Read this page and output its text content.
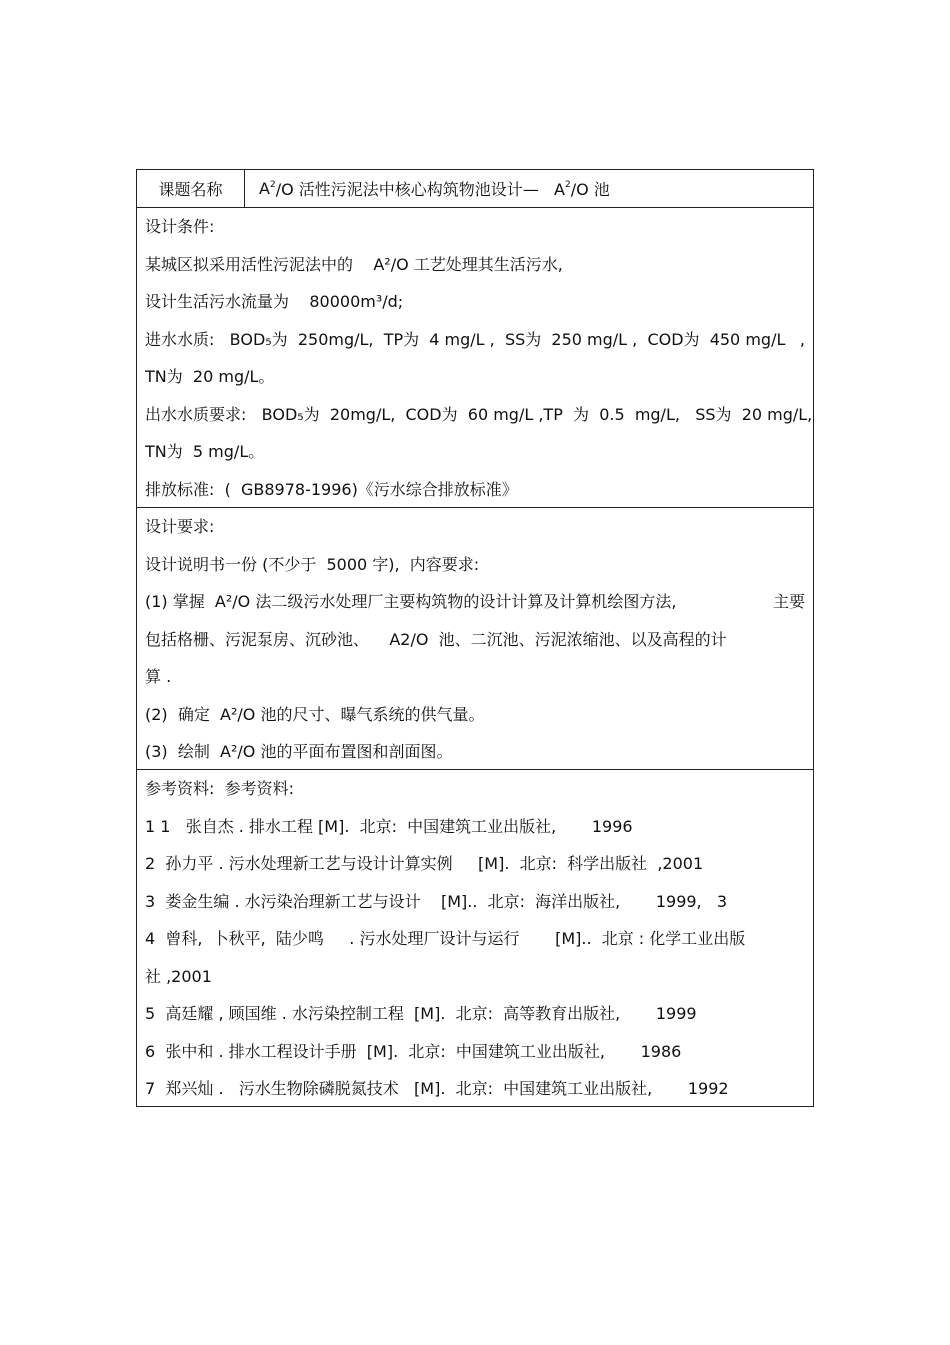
课题名称	$A^2$ /O 活性污泥法中核心构筑物池设计—   $A^2$ /O 池
设计条件:
某城区拟采用活性污泥法中的    A²/O 工艺处理其生活污水,
设计生活污水流量为    80000m³/d;
进水水质:   BOD₅为  250mg/L,  TP为  4 mg/L ,  SS为  250 mg/L ,  COD为  450 mg/L ,
TN为  20 mg/L。
出水水质要求:   BOD₅为  20mg/L,  COD为  60 mg/L ,TP  为  0.5  mg/L,   SS为  20 mg/L,
TN为  5 mg/L。
排放标准:  (  GB8978-1996)《污水综合排放标准》
设计要求:
设计说明书一份 (不少于  5000 字),  内容要求:
(1) 掌握  A²/O 法二级污水处理厂主要构筑物的设计计算及计算机绘图方法,	主要
包括格栅、污泥泵房、沉砂池、    A2/O  池、二沉池、污泥浓缩池、以及高程的计
算 .
(2)  确定  A²/O 池的尺寸、曝气系统的供气量。
(3)  绘制  A²/O 池的平面布置图和剖面图。
参考资料:  参考资料:
1 1   张自杰 . 排水工程 [M].  北京:  中国建筑工业出版社,       1996
2  孙力平 . 污水处理新工艺与设计计算实例     [M].  北京:  科学出版社  ,2001
3  娄金生编 . 水污染治理新工艺与设计    [M]..  北京:  海洋出版社,       1999,   3
4  曾科,  卜秋平,  陆少鸣     . 污水处理厂设计与运行       [M]..  北京 : 化学工业出版
社 ,2001
5  高廷耀 , 顾国维 . 水污染控制工程  [M].  北京:  高等教育出版社,       1999
6  张中和 . 排水工程设计手册  [M].  北京:  中国建筑工业出版社,       1986
7  郑兴灿 .   污水生物除磷脱氮技术   [M].  北京:  中国建筑工业出版社,       1992
